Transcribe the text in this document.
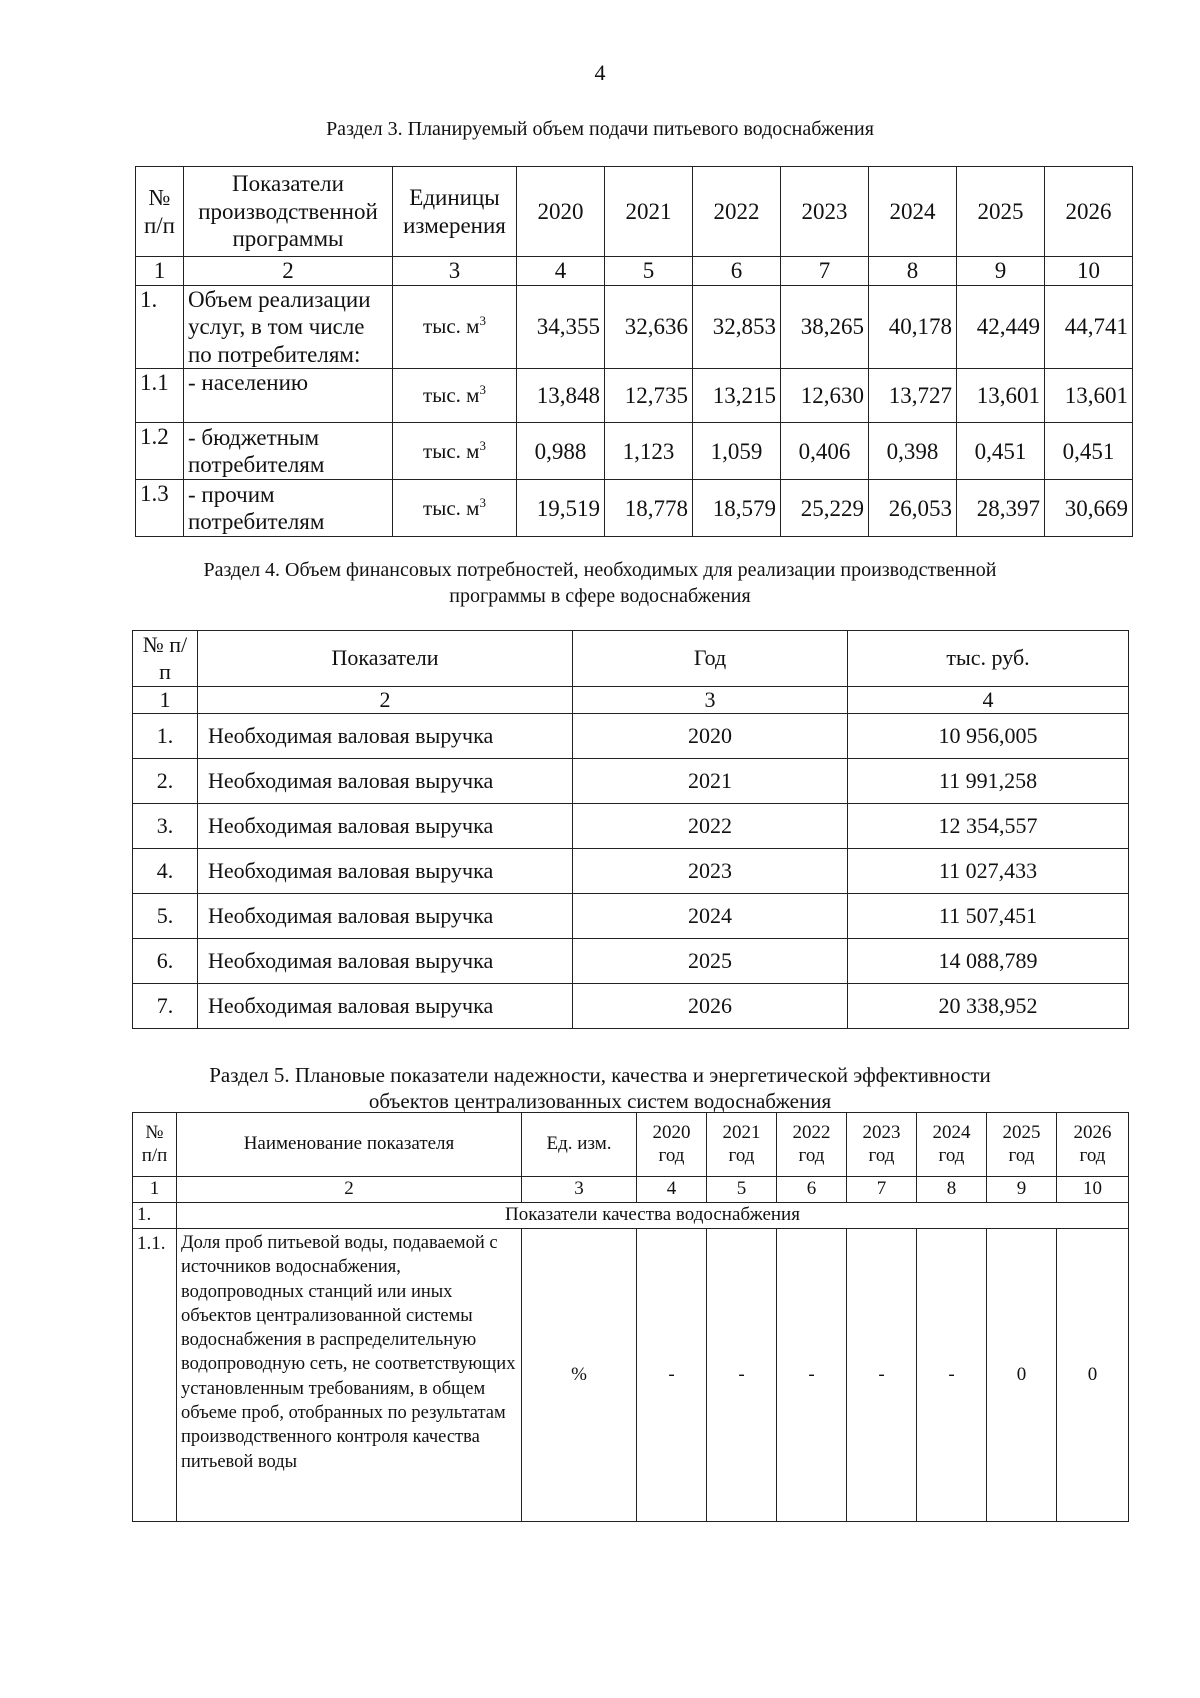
4
Раздел 3. Планируемый объем подачи питьевого водоснабжения
№ п/п	Показатели производственной программы	Единицы измерения	2020	2021	2022	2023	2024	2025	2026
1	2	3	4	5	6	7	8	9	10
1.	Объем реализации услуг, в том числе по потребителям:	тыс. $м^3$	34,355	32,636	32,853	38,265	40,178	42,449	44,741
1.1	- населению	тыс. $м^3$	13,848	12,735	13,215	12,630	13,727	13,601	13,601
1.2	- бюджетным потребителям	тыс. $м^3$	0,988	1,123	1,059	0,406	0,398	0,451	0,451
1.3	- прочим потребителям	тыс. $м^3$	19,519	18,778	18,579	25,229	26,053	28,397	30,669
Раздел 4. Объем финансовых потребностей, необходимых для реализации производственной
программы в сфере водоснабжения
№ п/п	Показатели	Год	тыс. руб.
1	2	3	4
1.	Необходимая валовая выручка	2020	10 956,005
2.	Необходимая валовая выручка	2021	11 991,258
3.	Необходимая валовая выручка	2022	12 354,557
4.	Необходимая валовая выручка	2023	11 027,433
5.	Необходимая валовая выручка	2024	11 507,451
6.	Необходимая валовая выручка	2025	14 088,789
7.	Необходимая валовая выручка	2026	20 338,952
Раздел 5. Плановые показатели надежности, качества и энергетической эффективности
объектов централизованных систем водоснабжения
№ п/п	Наименование показателя	Ед. изм.	2020 год	2021 год	2022 год	2023 год	2024 год	2025 год	2026 год
1	2	3	4	5	6	7	8	9	10
1.	Показатели качества водоснабжения								
1.1.	Доля проб питьевой воды, подаваемой с источников водоснабжения, водопроводных станций или иных объектов централизованной системы водоснабжения в распределительную водопроводную сеть, не соответствующих установленным требованиям, в общем объеме проб, отобранных по результатам производственного контроля качества питьевой воды	%	-	-	-	-	-	0	0
